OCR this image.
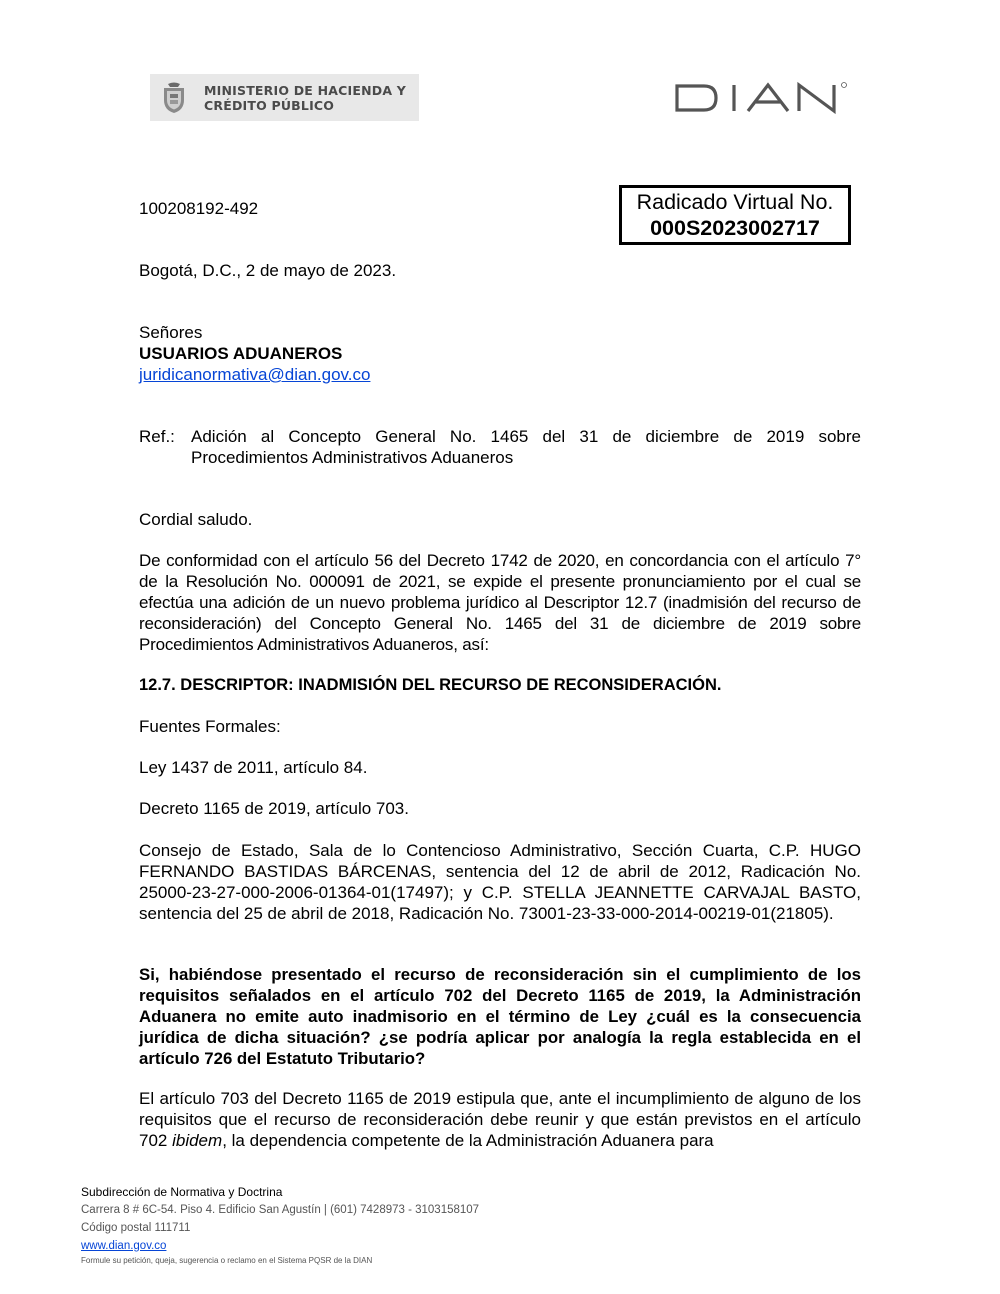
MINISTERIO DE HACIENDA Y
CRÉDITO PÚBLICO
100208192-492	Radicado Virtual No.
000S2023002717
Bogotá, D.C., 2 de mayo de 2023.
Señores
USUARIOS ADUANEROS
juridicanormativa@dian.gov.co
Ref.: Adición al Concepto General No. 1465 del 31 de diciembre de 2019 sobre
Procedimientos Administrativos Aduaneros
Cordial saludo.
De conformidad con el artículo 56 del Decreto 1742 de 2020, en concordancia con el artículo 7° de la Resolución No. 000091 de 2021, se expide el presente pronunciamiento por el cual se efectúa una adición de un nuevo problema jurídico al Descriptor 12.7 (inadmisión del recurso de reconsideración) del Concepto General No. 1465 del 31 de diciembre de 2019 sobre Procedimientos Administrativos Aduaneros, así:
12.7. DESCRIPTOR: INADMISIÓN DEL RECURSO DE RECONSIDERACIÓN.
Fuentes Formales:
Ley 1437 de 2011, artículo 84.
Decreto 1165 de 2019, artículo 703.
Consejo de Estado, Sala de lo Contencioso Administrativo, Sección Cuarta, C.P. HUGO FERNANDO BASTIDAS BÁRCENAS, sentencia del 12 de abril de 2012, Radicación No. 25000-23-27-000-2006-01364-01(17497); y C.P. STELLA JEANNETTE CARVAJAL BASTO, sentencia del 25 de abril de 2018, Radicación No. 73001-23-33-000-2014-00219-01(21805).
Si, habiéndose presentado el recurso de reconsideración sin el cumplimiento de los requisitos señalados en el artículo 702 del Decreto 1165 de 2019, la Administración Aduanera no emite auto inadmisorio en el término de Ley ¿cuál es la consecuencia jurídica de dicha situación? ¿se podría aplicar por analogía la regla establecida en el artículo 726 del Estatuto Tributario?
El artículo 703 del Decreto 1165 de 2019 estipula que, ante el incumplimiento de alguno de los requisitos que el recurso de reconsideración debe reunir y que están previstos en el artículo 702 ibidem, la dependencia competente de la Administración Aduanera para
Subdirección de Normativa y Doctrina
Carrera 8 # 6C-54. Piso 4. Edificio San Agustín | (601) 7428973 - 3103158107
Código postal 111711
www.dian.gov.co
Formule su petición, queja, sugerencia o reclamo en el Sistema PQSR de la DIAN
